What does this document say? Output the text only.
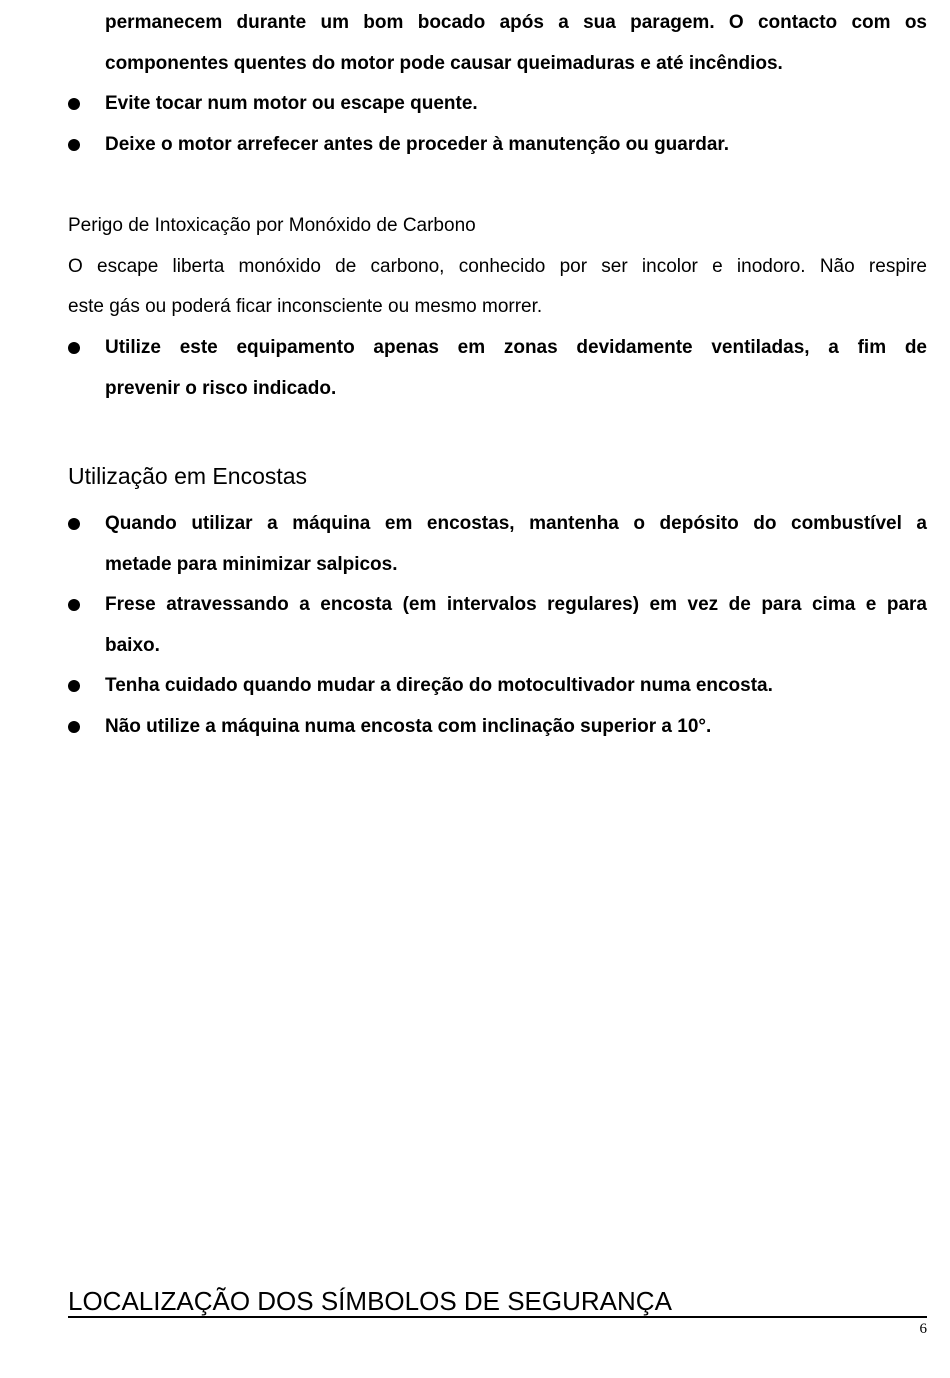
permanecem durante um bom bocado após a sua paragem. O contacto com os
componentes quentes do motor pode causar queimaduras e até incêndios.
Evite tocar num motor ou escape quente.
Deixe o motor arrefecer antes de proceder à manutenção ou guardar.
Perigo de Intoxicação por Monóxido de Carbono
O escape liberta monóxido de carbono, conhecido por ser incolor e inodoro. Não respire
este gás ou poderá ficar inconsciente ou mesmo morrer.
Utilize este equipamento apenas em zonas devidamente ventiladas, a fim de
prevenir o risco indicado.
Utilização em Encostas
Quando utilizar a máquina em encostas, mantenha o depósito do combustível a
metade para minimizar salpicos.
Frese atravessando a encosta (em intervalos regulares) em vez de para cima e para
baixo.
Tenha cuidado quando mudar a direção do motocultivador numa encosta.
Não utilize a máquina numa encosta com inclinação superior a 10°.
LOCALIZAÇÃO DOS SÍMBOLOS DE SEGURANÇA
6
